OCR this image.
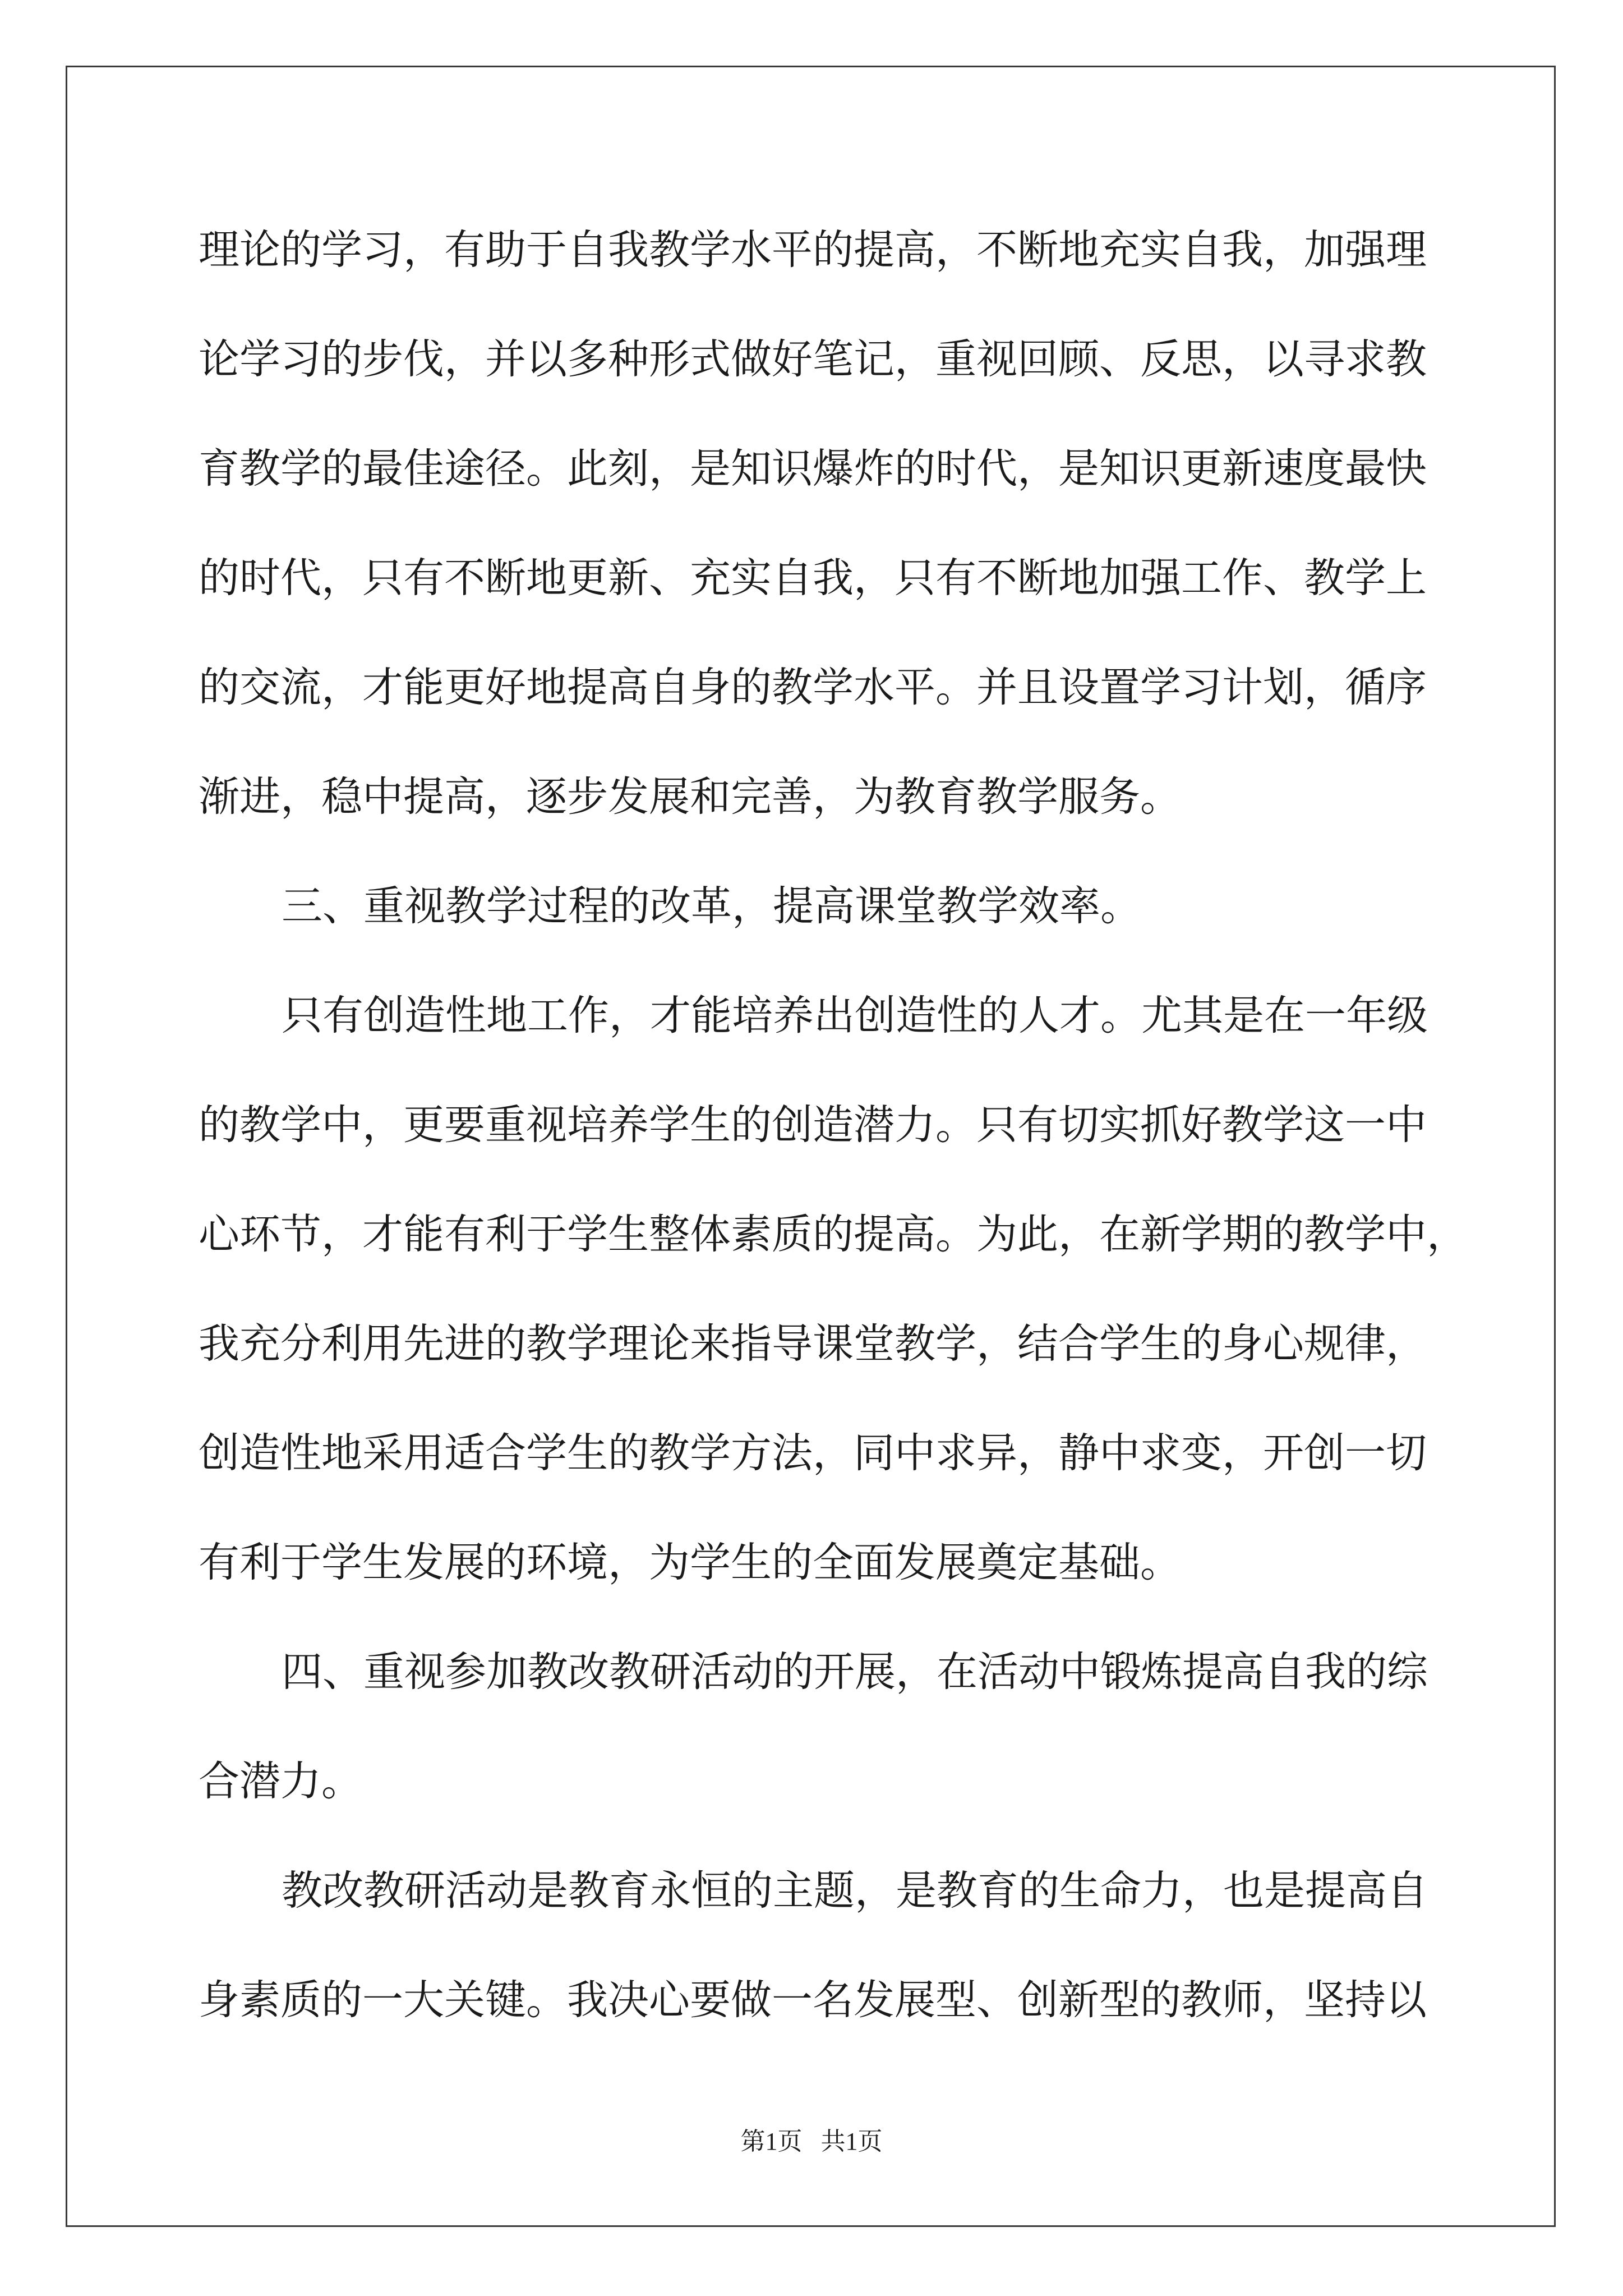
理论的学习，有助于自我教学水平的提高，不断地充实自我，加强理

论学习的步伐，并以多种形式做好笔记，重视回顾、反思，以寻求教

育教学的最佳途径。此刻，是知识爆炸的时代，是知识更新速度最快

的时代，只有不断地更新、充实自我，只有不断地加强工作、教学上

的交流，才能更好地提高自身的教学水平。并且设置学习计划，循序

渐进，稳中提高，逐步发展和完善，为教育教学服务。

三、重视教学过程的改革，提高课堂教学效率。

只有创造性地工作，才能培养出创造性的人才。尤其是在一年级

的教学中，更要重视培养学生的创造潜力。只有切实抓好教学这一中

心环节，才能有利于学生整体素质的提高。为此，在新学期的教学中，

我充分利用先进的教学理论来指导课堂教学，结合学生的身心规律，

创造性地采用适合学生的教学方法，同中求异，静中求变，开创一切

有利于学生发展的环境，为学生的全面发展奠定基础。

四、重视参加教改教研活动的开展，在活动中锻炼提高自我的综

合潜力。

教改教研活动是教育永恒的主题，是教育的生命力，也是提高自

身素质的一大关键。我决心要做一名发展型、创新型的教师，坚持以

第1页   共1页
